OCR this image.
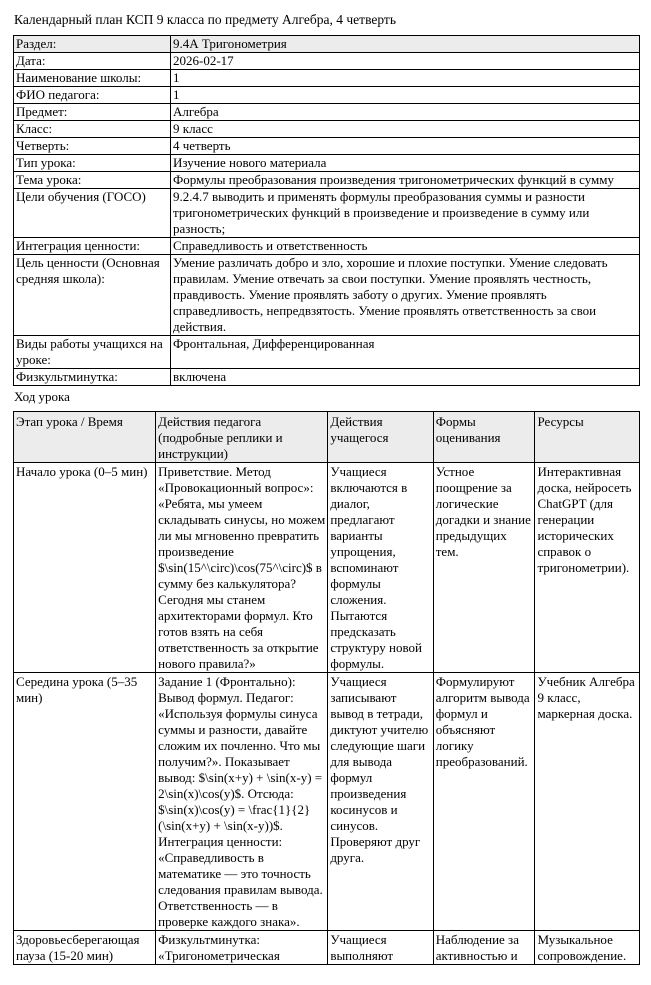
Календарный план КСП 9 класса по предмету Алгебра, 4 четверть
Раздел:	9.4А Тригонометрия
Дата:	2026-02-17
Наименование школы:	1
ФИО педагога:	1
Предмет:	Алгебра
Класс:	9 класс
Четверть:	4 четверть
Тип урока:	Изучение нового материала
Тема урока:	Формулы преобразования произведения тригонометрических функций в сумму
Цели обучения (ГОСО)	9.2.4.7 выводить и применять формулы преобразования суммы и разности тригонометрических функций в произведение и произведение в сумму или разность;
Интеграция ценности:	Справедливость и ответственность
Цель ценности (Основная средняя школа):	Умение различать добро и зло, хорошие и плохие поступки. Умение следовать правилам. Умение отвечать за свои поступки. Умение проявлять честность, правдивость. Умение проявлять заботу о других. Умение проявлять справедливость, непредвзятость. Умение проявлять ответственность за свои действия.
Виды работы учащихся на уроке:	Фронтальная, Дифференцированная
Физкультминутка:	включена
Ход урока
Этап урока / Время	Действия педагога (подробные реплики и инструкции)	Действия учащегося	Формы оценивания	Ресурсы
Начало урока (0–5 мин)	Приветствие. Метод «Провокационный вопрос»: «Ребята, мы умеем складывать синусы, но можем ли мы мгновенно превратить произведение $\sin(15^\circ)\cos(75^\circ)$ в сумму без калькулятора? Сегодня мы станем архитекторами формул. Кто готов взять на себя ответственность за открытие нового правила?»	Учащиеся включаются в диалог, предлагают варианты упрощения, вспоминают формулы сложения. Пытаются предсказать структуру новой формулы.	Устное поощрение за логические догадки и знание предыдущих тем.	Интерактивная доска, нейросеть ChatGPT (для генерации исторических справок о тригонометрии).
Середина урока (5–35 мин)	Задание 1 (Фронтально): Вывод формул. Педагог: «Используя формулы синуса суммы и разности, давайте сложим их почленно. Что мы получим?». Показывает вывод: $\sin(x+y) + \sin(x-y) = 2\sin(x)\cos(y)$. Отсюда: $\sin(x)\cos(y) = \frac{1}{2}(\sin(x+y) + \sin(x-y))$. Интеграция ценности: «Справедливость в математике — это точность следования правилам вывода. Ответственность — в проверке каждого знака».	Учащиеся записывают вывод в тетради, диктуют учителю следующие шаги для вывода формул произведения косинусов и синусов. Проверяют друг друга.	Формулируют алгоритм вывода формул и объясняют логику преобразований.	Учебник Алгебра 9 класс, маркерная доска.
Здоровьесберегающая пауза (15-20 мин)	Физкультминутка: «Тригонометрическая	Учащиеся выполняют	Наблюдение за активностью и	Музыкальное сопровождение.
